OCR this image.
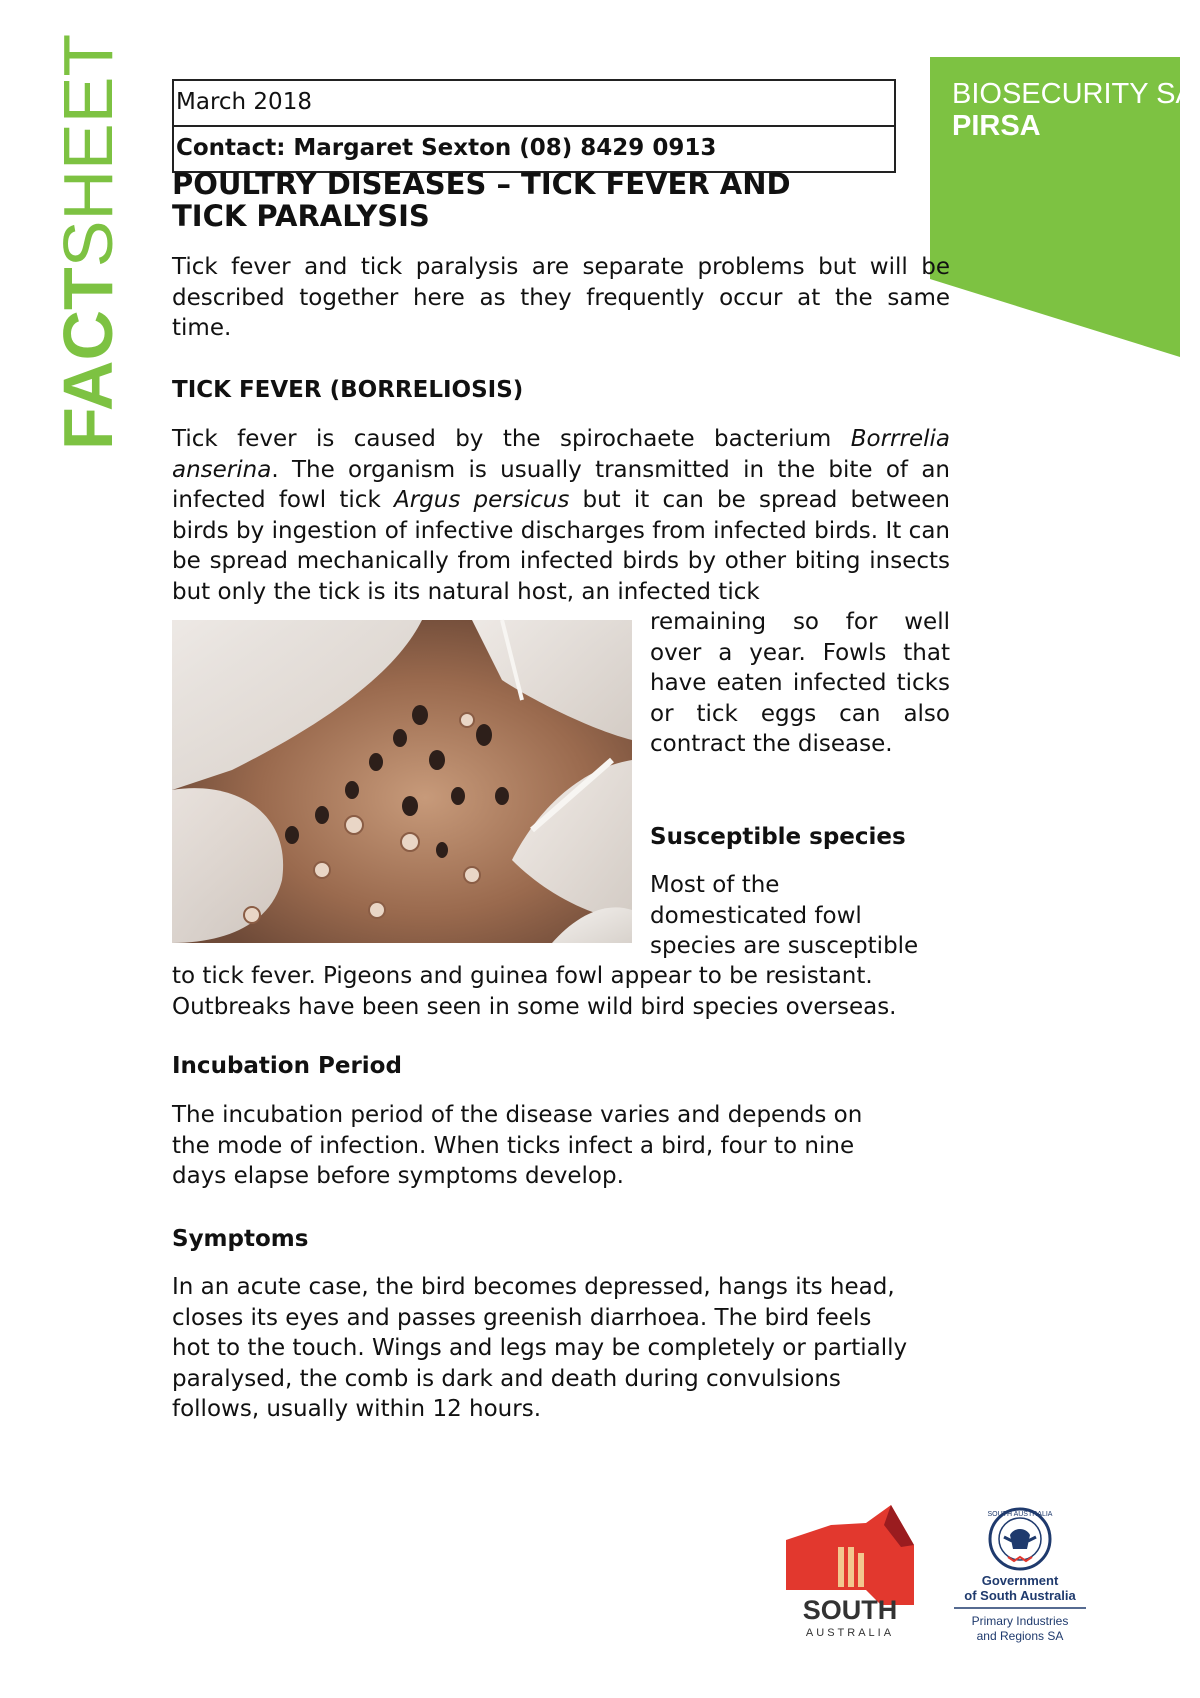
FACTSHEET March 2018
Contact: Margaret Sexton (08) 8429 0913
BIOSECURITY SA
PIRSA
POULTRY DISEASES – TICK FEVER AND
TICK PARALYSIS

Tick fever and tick paralysis are separate problems but will be described together here as they frequently occur at the same time.

TICK FEVER (BORRELIOSIS)

Tick fever is caused by the spirochaete bacterium Borrrelia anserina. The organism is usually transmitted in the bite of an infected fowl tick Argus persicus but it can be spread between birds by ingestion of infective discharges from infected birds. It can be spread mechanically from infected birds by other biting insects but only the tick is its natural host, an infected tick

remaining so for well over a year. Fowls that have eaten infected ticks or tick eggs can also contract the disease.

Susceptible species

Most of the domesticated fowl species are susceptible

to tick fever. Pigeons and guinea fowl appear to be resistant.
Outbreaks have been seen in some wild bird species overseas.

Incubation Period

The incubation period of the disease varies and depends on the mode of infection. When ticks infect a bird, four to nine days elapse before symptoms develop.

Symptoms

In an acute case, the bird becomes depressed, hangs its head, closes its eyes and passes greenish diarrhoea. The bird feels hot to the touch. Wings and legs may be completely or partially paralysed, the comb is dark and death during convulsions follows, usually within 12 hours.

SOUTH
AUSTRALIA
SOUTH AUSTRALIA
Government
of South Australia
Primary Industries
and Regions SA
